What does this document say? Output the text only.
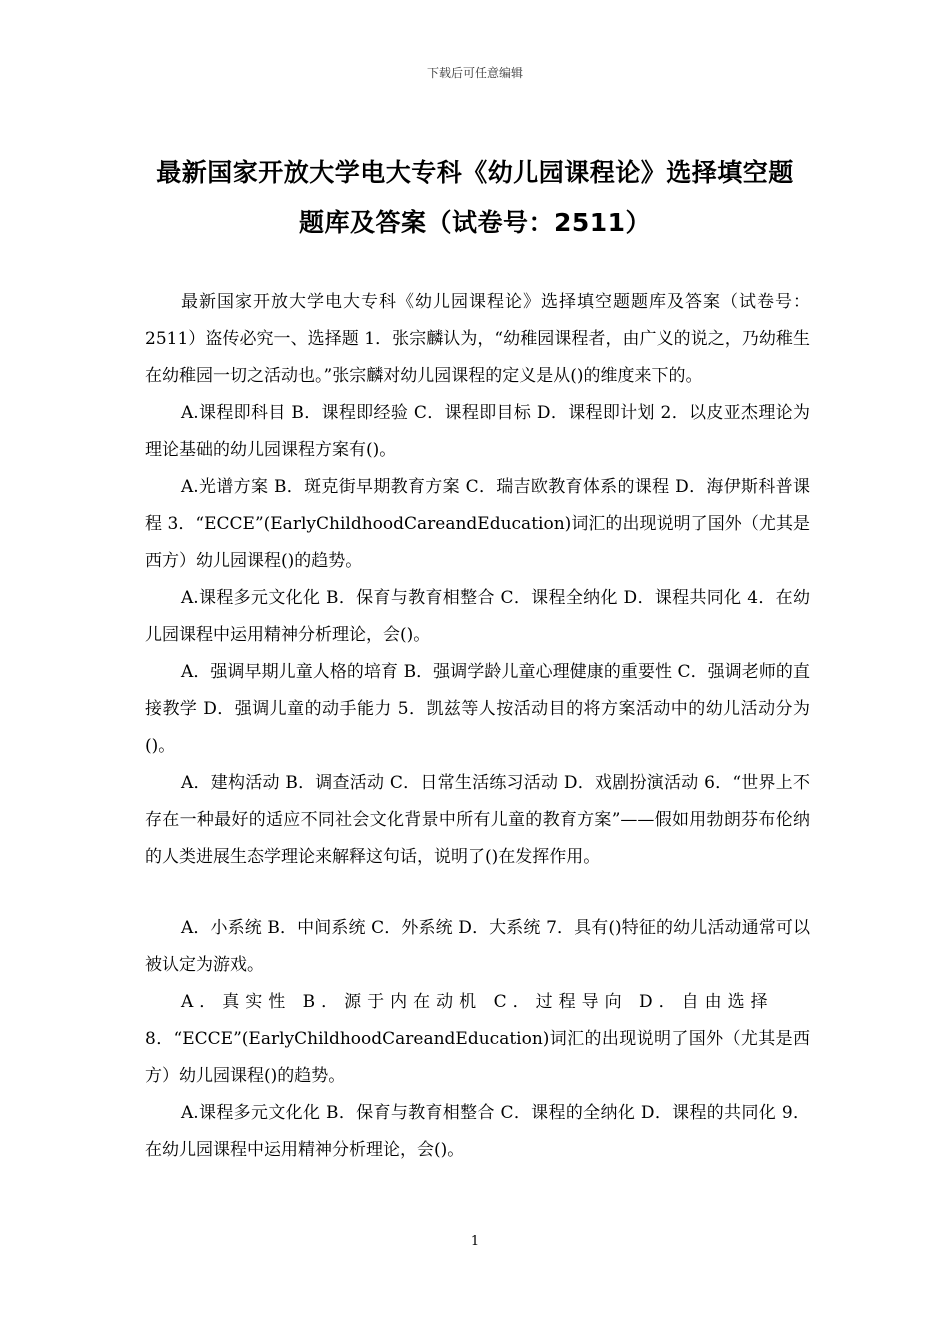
下载后可任意编辑
最新国家开放大学电大专科《幼儿园课程论》选择填空题
题库及答案（试卷号：2511）

最新国家开放大学电大专科《幼儿园课程论》选择填空题题库及答案（试卷号：2511）盗传必究一、选择题 1．张宗麟认为，“幼稚园课程者，由广义的说之，乃幼稚生在幼稚园一切之活动也。”张宗麟对幼儿园课程的定义是从()的维度来下的。

A.课程即科目 B．课程即经验 C．课程即目标 D．课程即计划 2．以皮亚杰理论为理论基础的幼儿园课程方案有()。

A.光谱方案 B．斑克街早期教育方案 C．瑞吉欧教育体系的课程 D．海伊斯科普课程 3．“ECCE”(EarlyChildhoodCareandEducation)词汇的出现说明了国外（尤其是西方）幼儿园课程()的趋势。

A.课程多元文化化 B．保育与教育相整合 C．课程全纳化 D．课程共同化 4．在幼儿园课程中运用精神分析理论，会()。

A．强调早期儿童人格的培育 B．强调学龄儿童心理健康的重要性 C．强调老师的直接教学 D．强调儿童的动手能力 5．凯兹等人按活动目的将方案活动中的幼儿活动分为()。

A．建构活动 B．调查活动 C．日常生活练习活动 D．戏剧扮演活动 6．“世界上不存在一种最好的适应不同社会文化背景中所有儿童的教育方案”——假如用勃朗芬布伦纳的人类进展生态学理论来解释这句话，说明了()在发挥作用。

A．小系统 B．中间系统 C．外系统 D．大系统 7．具有()特征的幼儿活动通常可以被认定为游戏。

A．真实性 B．源于内在动机 C．过程导向 D．自由选择

8．“ECCE”(EarlyChildhoodCareandEducation)词汇的出现说明了国外（尤其是西方）幼儿园课程()的趋势。

A.课程多元文化化 B．保育与教育相整合 C．课程的全纳化 D．课程的共同化 9．在幼儿园课程中运用精神分析理论，会()。

1
